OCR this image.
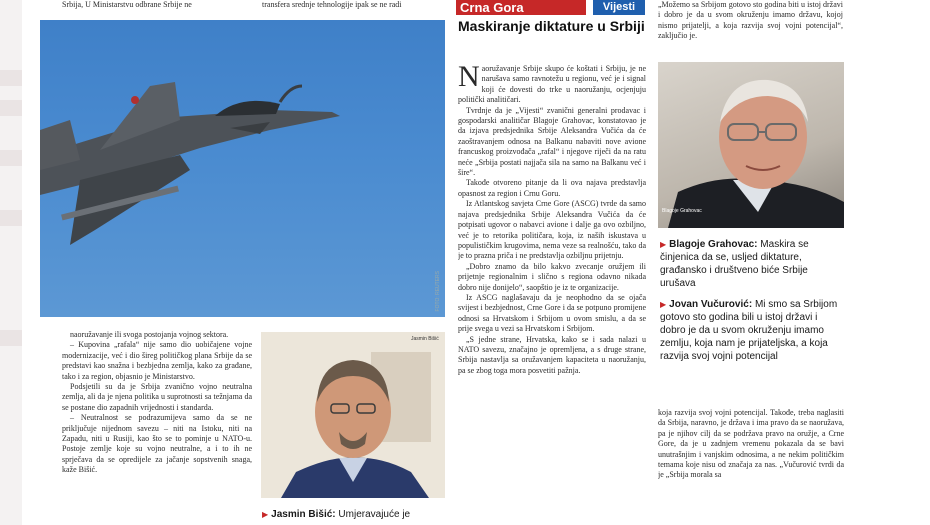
Srbija, U Ministarstvu odbrane Srbije ne	transfera srednje tehnologije ipak se ne radi
FOTO: REUTERS
Crna Gora	Vijesti
Maskiranje diktature u Srbiji

Naoružavanje Srbije skupo će koštati i Srbiju, je ne narušava samo ravnotežu u regionu, već je i signal koji će dovesti do trke u naoružanju, ocjenjuju politički analitičari.

Tvrdnje da je „Vijesti“ zvanični generalni prodavac i gospodarski analitičar Blagoje Grahovac, konstatovao je da izjava predsjednika Srbije Aleksandra Vučića da će zaoštravanjem odnosa na Balkanu nabaviti nove avione francuskog proizvođača „rafal“ i njegove riječi da na ratu neće „Srbija postati najjača sila na samo na Balkanu već i šire“.

Takođe otvoreno pitanje da li ova najava predstavlja opasnost za region i Crnu Goru.

Iz Atlantskog savjeta Crne Gore (ASCG) tvrde da samo najava predsjednika Srbije Aleksandra Vučića da će potpisati ugovor o nabavci avione i dalje ga ovo ozbiljno, već je to retorika političara, koja, iz naših iskustava u populističkim krugovima, nema veze sa realnošću, tako da je to prazna priča i ne predstavlja ozbiljnu prijetnju.

„Dobro znamo da bilo kakvo zvecanje oružjem ili prijetnje regionalnim i slično s regiona odavno nikada dobro nije donijelo“, saopštio je iz te organizacije.

Iz ASCG naglašavaju da je neophodno da se ojača svijest i bezbjednost, Crne Gore i da se potpuno promijene odnosi sa Hrvatskom i Srbijom u ovom smislu, a da se prije svega u vezi sa Hrvatskom i Srbijom.

„S jedne strane, Hrvatska, kako se i sada nalazi u NATO savezu, značajno je opremljena, a s druge strane, Srbija nastavlja sa oružavanjem kapaciteta u naoružanju, pa se zbog toga mora posvetiti pažnja.

„Možemo sa Srbijom gotovo sto godina biti u istoj državi i dobro je da u svom okruženju imamo državu, kojoj nismo prijatelji, a koja razvija svoj vojni potencijal“, zaključio je.
Blagoje Grahovac
▶ Blagoje Grahovac: Maskira se činjenica da se, usljed diktature, građansko i društveno biće Srbije urušava
▶ Jovan Vučurović: Mi smo sa Srbijom gotovo sto godina bili u istoj državi i dobro je da u svom okruženju imamo zemlju, koja nam je prijateljska, a koja razvija svoj vojni potencijal
koja razvija svoj vojni potencijal. Takođe, treba naglasiti da Srbija, naravno, je država i ima pravo da se naoružava, pa je njihov cilj da se podržava pravo na oružje, a Crne Gore, da je u zadnjem vremenu pokazala da se bavi unutrašnjim i vanjskim odnosima, a ne nekim političkim temama koje nisu od značaja za nas. „Vučurović tvrdi da je „Srbija morala sa

naoružavanje ili svoga postojanja vojnog sektora.

– Kupovina „rafala“ nije samo dio uobičajene vojne modernizacije, već i dio šireg političkog plana Srbije da se predstavi kao snažna i bezbjedna zemlja, kako za građane, tako i za region, objasnio je Ministarstvo.

Podsjetili su da je Srbija zvanično vojno neutralna zemlja, ali da je njena politika u suprotnosti sa težnjama da se postane dio zapadnih vrijednosti i standarda.

– Neutralnost se podrazumijeva samo da se ne priključuje nijednom savezu – niti na Istoku, niti na Zapadu, niti u Rusiji, kao što se to pominje u NATO-u. Postoje zemlje koje su vojno neutralne, a i to ih ne sprječava da se opredijele za jačanje sopstvenih snaga, kaže Bišić.

Jasmin Bišić
▶ Jasmin Bišić: Umjeravajuće je
